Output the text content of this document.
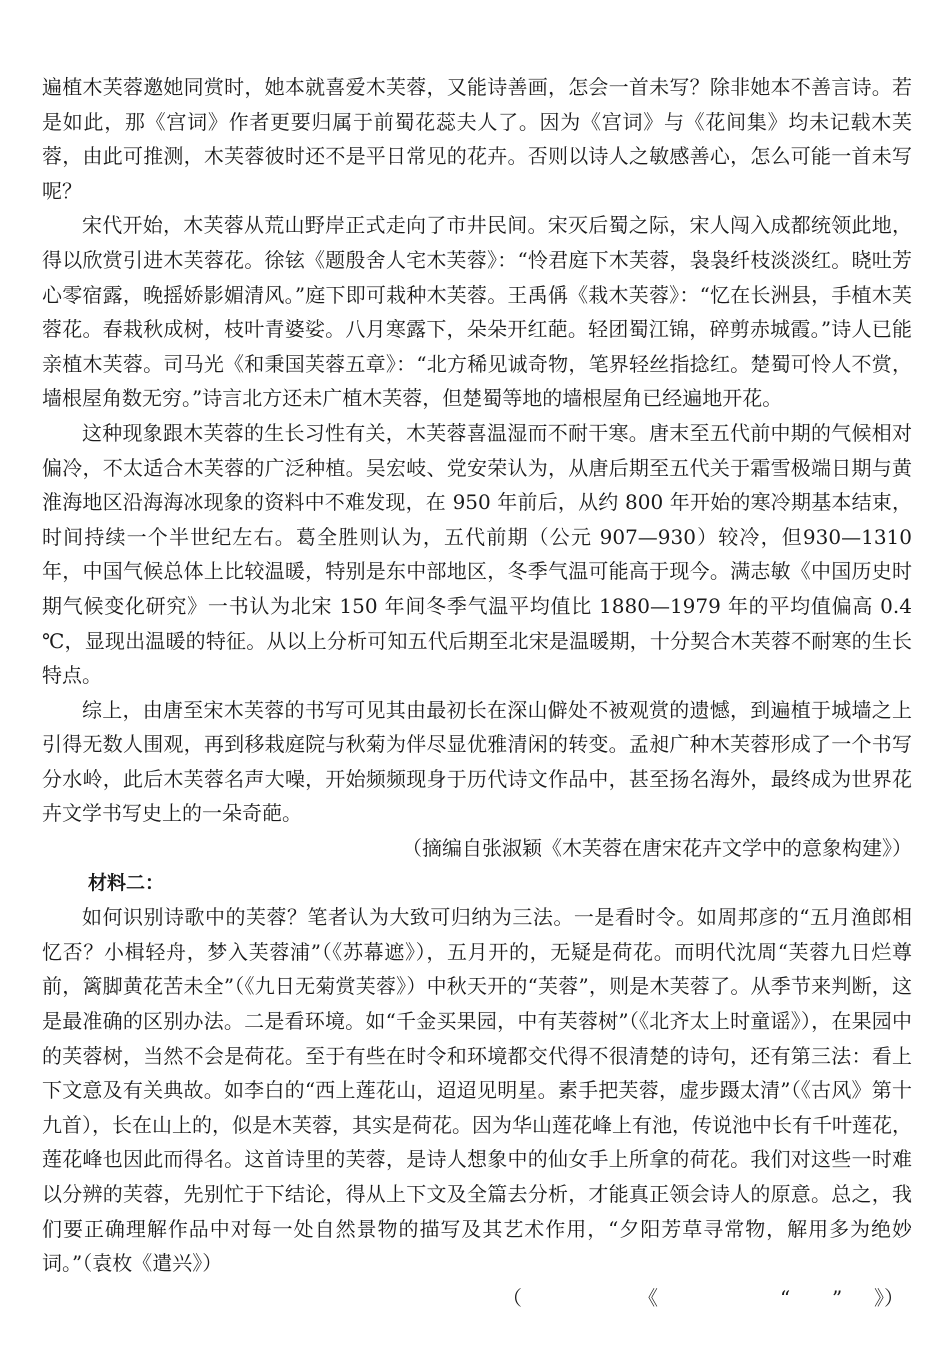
遍植木芙蓉邀她同赏时，她本就喜爱木芙蓉，又能诗善画，怎会一首未写？除非她本不善言诗。若是如此，那《宫词》作者更要归属于前蜀花蕊夫人了。因为《宫词》与《花间集》均未记载木芙蓉，由此可推测，木芙蓉彼时还不是平日常见的花卉。否则以诗人之敏感善心，怎么可能一首未写呢？

宋代开始，木芙蓉从荒山野岸正式走向了市井民间。宋灭后蜀之际，宋人闯入成都统领此地，得以欣赏引进木芙蓉花。徐铉《题殷舍人宅木芙蓉》：“怜君庭下木芙蓉，袅袅纤枝淡淡红。晓吐芳心零宿露，晚摇娇影媚清风。”庭下即可栽种木芙蓉。王禹偁《栽木芙蓉》：“忆在长洲县，手植木芙蓉花。春栽秋成树，枝叶青婆娑。八月寒露下，朵朵开红葩。轻团蜀江锦，碎剪赤城霞。”诗人已能亲植木芙蓉。司马光《和秉国芙蓉五章》：“北方稀见诚奇物，笔界轻丝指捻红。楚蜀可怜人不赏，墙根屋角数无穷。”诗言北方还未广植木芙蓉，但楚蜀等地的墙根屋角已经遍地开花。

这种现象跟木芙蓉的生长习性有关，木芙蓉喜温湿而不耐干寒。唐末至五代前中期的气候相对偏冷，不太适合木芙蓉的广泛种植。吴宏岐、党安荣认为，从唐后期至五代关于霜雪极端日期与黄淮海地区沿海海冰现象的资料中不难发现，在 950 年前后，从约 800 年开始的寒冷期基本结束，时间持续一个半世纪左右。葛全胜则认为，五代前期（公元 907—930）较冷，但930—1310 年，中国气候总体上比较温暖，特别是东中部地区，冬季气温可能高于现今。满志敏《中国历史时期气候变化研究》一书认为北宋 150 年间冬季气温平均值比 1880—1979 年的平均值偏高 0.4 ℃，显现出温暖的特征。从以上分析可知五代后期至北宋是温暖期，十分契合木芙蓉不耐寒的生长特点。

综上，由唐至宋木芙蓉的书写可见其由最初长在深山僻处不被观赏的遗憾，到遍植于城墙之上引得无数人围观，再到移栽庭院与秋菊为伴尽显优雅清闲的转变。孟昶广种木芙蓉形成了一个书写分水岭，此后木芙蓉名声大噪，开始频频现身于历代诗文作品中，甚至扬名海外，最终成为世界花卉文学书写史上的一朵奇葩。

（摘编自张淑颖《木芙蓉在唐宋花卉文学中的意象构建》）

材料二：

如何识别诗歌中的芙蓉？笔者认为大致可归纳为三法。一是看时令。如周邦彦的“五月渔郎相忆否？小楫轻舟，梦入芙蓉浦”（《苏幕遮》），五月开的，无疑是荷花。而明代沈周“芙蓉九日烂尊前，篱脚黄花苦未全”（《九日无菊赏芙蓉》）中秋天开的“芙蓉”，则是木芙蓉了。从季节来判断，这是最准确的区别办法。二是看环境。如“千金买果园，中有芙蓉树”（《北齐太上时童谣》），在果园中的芙蓉树，当然不会是荷花。至于有些在时令和环境都交代得不很清楚的诗句，还有第三法：看上下文意及有关典故。如李白的“西上莲花山，迢迢见明星。素手把芙蓉，虚步蹑太清”（《古风》第十九首），长在山上的，似是木芙蓉，其实是荷花。因为华山莲花峰上有池，传说池中长有千叶莲花，莲花峰也因此而得名。这首诗里的芙蓉，是诗人想象中的仙女手上所拿的荷花。我们对这些一时难以分辨的芙蓉，先别忙于下结论，得从上下文及全篇去分析，才能真正领会诗人的原意。总之，我们要正确理解作品中对每一处自然景物的描写及其艺术作用，“夕阳芳草寻常物，解用多为绝妙词。”（袁枚《遣兴》）

（	《	“ ” 》）
